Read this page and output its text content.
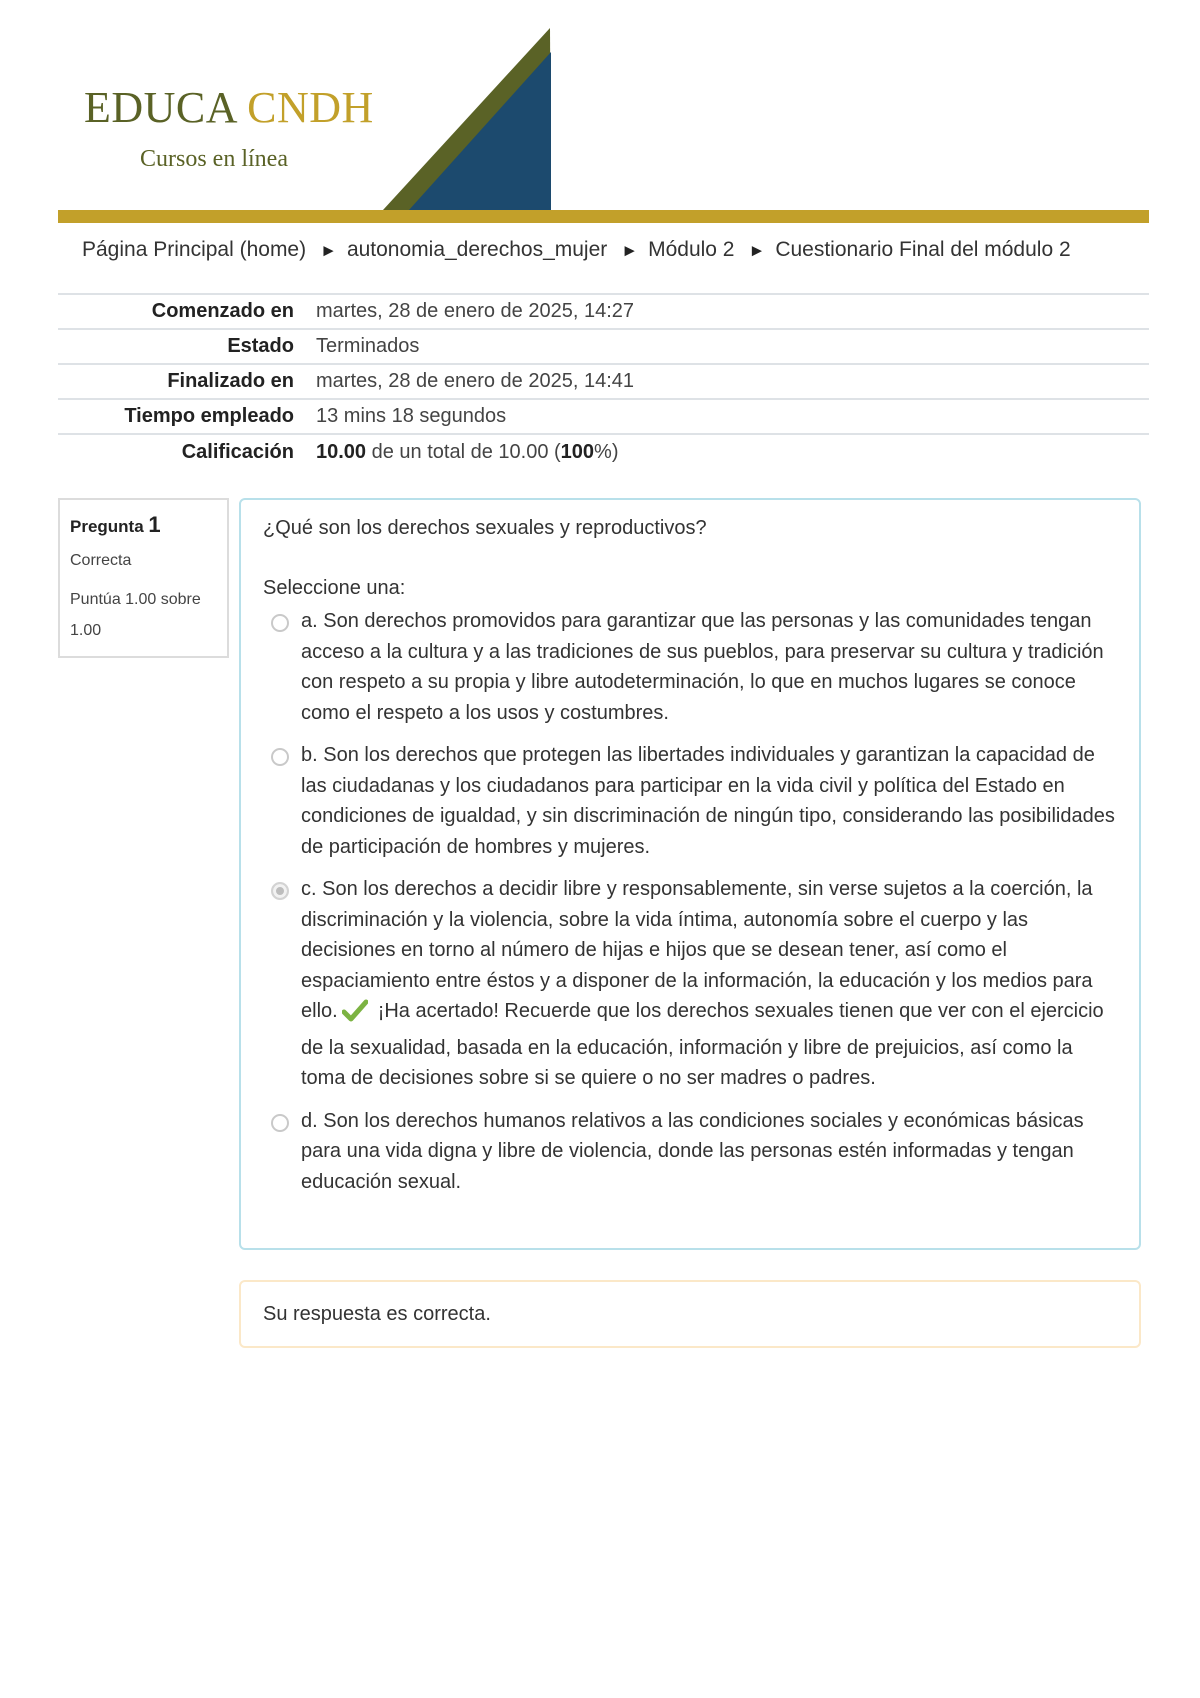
EDUCA CNDH
Cursos en línea
Página Principal (home) ► autonomia_derechos_mujer ► Módulo 2 ► Cuestionario Final del módulo 2
Comenzado en	martes, 28 de enero de 2025, 14:27
Estado	Terminados
Finalizado en	martes, 28 de enero de 2025, 14:41
Tiempo empleado	13 mins 18 segundos
Calificación	10.00 de un total de 10.00 (100%)
Pregunta 1
Correcta
Puntúa 1.00 sobre 1.00
¿Qué son los derechos sexuales y reproductivos?
Seleccione una:
a. Son derechos promovidos para garantizar que las personas y las comunidades tengan acceso a la cultura y a las tradiciones de sus pueblos, para preservar su cultura y tradición con respeto a su propia y libre autodeterminación, lo que en muchos lugares se conoce como el respeto a los usos y costumbres.
b. Son los derechos que protegen las libertades individuales y garantizan la capacidad de las ciudadanas y los ciudadanos para participar en la vida civil y política del Estado en condiciones de igualdad, y sin discriminación de ningún tipo, considerando las posibilidades de participación de hombres y mujeres.
c. Son los derechos a decidir libre y responsablemente, sin verse sujetos a la coerción, la discriminación y la violencia, sobre la vida íntima, autonomía sobre el cuerpo y las decisiones en torno al número de hijas e hijos que se desean tener, así como el espaciamiento entre éstos y a disponer de la información, la educación y los medios para ello. ¡Ha acertado! Recuerde que los derechos sexuales tienen que ver con el ejercicio de la sexualidad, basada en la educación, información y libre de prejuicios, así como la toma de decisiones sobre si se quiere o no ser madres o padres.
d. Son los derechos humanos relativos a las condiciones sociales y económicas básicas para una vida digna y libre de violencia, donde las personas estén informadas y tengan educación sexual.
Su respuesta es correcta.
